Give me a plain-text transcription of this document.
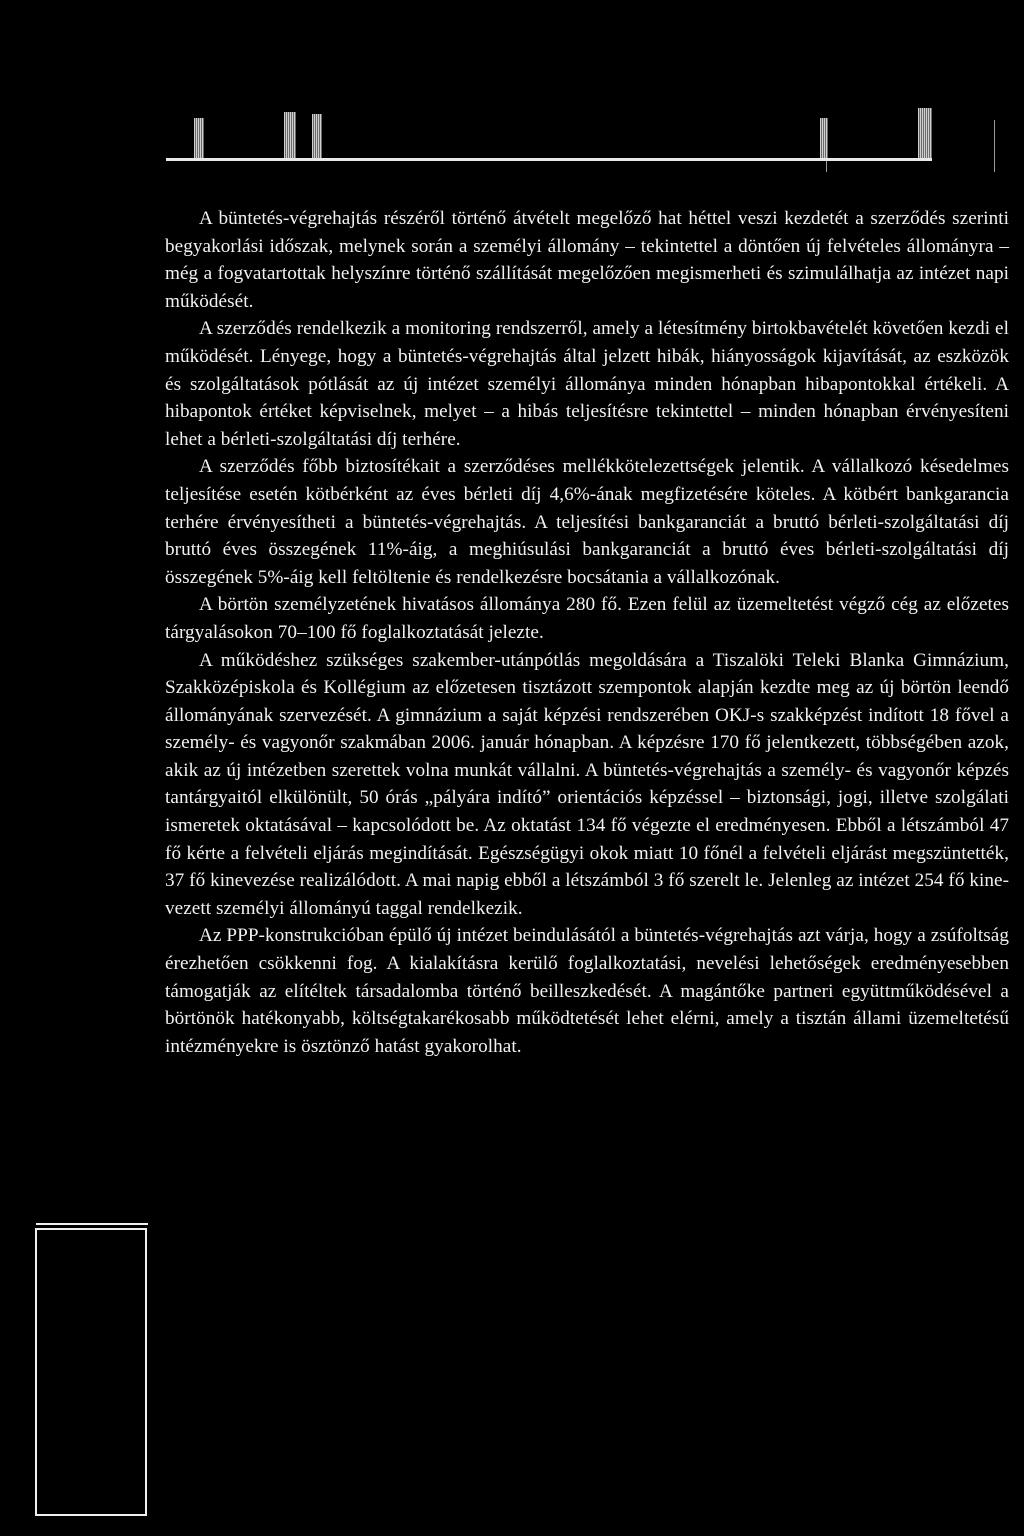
A büntetés-végrehajtás részéről történő átvételt megelőző hat héttel veszi kezdetét a szerződés szerinti begyakorlási időszak, melynek során a személyi állomány – tekintettel a döntően új felvételes állományra – még a fogvatartottak helyszínre történő szállítását megelőzően megismerheti és szimulálhatja az intézet napi működését.

A szerződés rendelkezik a monitoring rendszerről, amely a létesítmény birtokbavételét követően kezdi el működését. Lényege, hogy a büntetés-végrehajtás által jelzett hibák, hiányosságok kijavítását, az eszközök és szolgáltatások pótlását az új intézet személyi állománya minden hónapban hibapontokkal értékeli. A hibapontok értéket képviselnek, melyet – a hibás teljesítésre tekintettel – minden hónapban érvényesíteni lehet a bérleti-szolgáltatási díj terhére.

A szerződés főbb biztosítékait a szerződéses mellékkötelezettségek jelentik. A vállalkozó késedelmes teljesítése esetén kötbérként az éves bérleti díj 4,6%-ának megfizetésére köteles. A kötbért bankgarancia terhére érvényesítheti a büntetés-végrehajtás. A teljesítési bankgaranciát a bruttó bérleti-szolgáltatási díj bruttó éves összegének 11%-áig, a meghiúsulási bankgaranciát a bruttó éves bérleti-szolgáltatási díj összegének 5%-áig kell feltöltenie és rendelkezésre bocsátania a vállalkozónak.

A börtön személyzetének hivatásos állománya 280 fő. Ezen felül az üzemeltetést végző cég az előzetes tárgyalásokon 70–100 fő foglalkoztatását jelezte.

A működéshez szükséges szakember-utánpótlás megoldására a Tiszalöki Teleki Blanka Gimnázium, Szakközépiskola és Kollégium az előzetesen tisztázott szempontok alapján kezdte meg az új börtön leendő állományának szervezését. A gimnázium a saját képzési rendszerében OKJ-s szakképzést indított 18 fővel a személy- és vagyonőr szakmában 2006. január hónapban. A képzésre 170 fő jelentkezett, többségében azok, akik az új intézetben szerettek volna munkát vállalni. A büntetés-végrehajtás a személy- és vagyonőr képzés tantárgyaitól elkülönült, 50 órás „pályára indító” orientációs képzéssel – biztonsági, jogi, illetve szolgálati ismeretek oktatásával – kapcsolódott be. Az oktatást 134 fő végezte el eredményesen. Ebből a létszámból 47 fő kérte a felvételi eljárás megindítását. Egészségügyi okok miatt 10 főnél a felvételi eljárást megszüntették, 37 fő kinevezése realizálódott. A mai napig ebből a létszámból 3 fő szerelt le. Jelenleg az intézet 254 fő kinevezett személyi állományú taggal rendelkezik.

Az PPP-konstrukcióban épülő új intézet beindulásától a büntetés-végrehajtás azt várja, hogy a zsúfoltság érezhetően csökkenni fog. A kialakításra kerülő foglalkoztatási, nevelési lehetőségek eredményesebben támogatják az elítéltek társadalomba történő beilleszkedését. A magántőke partneri együttműködésével a börtönök hatékonyabb, költségtakarékosabb működtetését lehet elérni, amely a tisztán állami üzemeltetésű intézményekre is ösztönző hatást gyakorolhat.
